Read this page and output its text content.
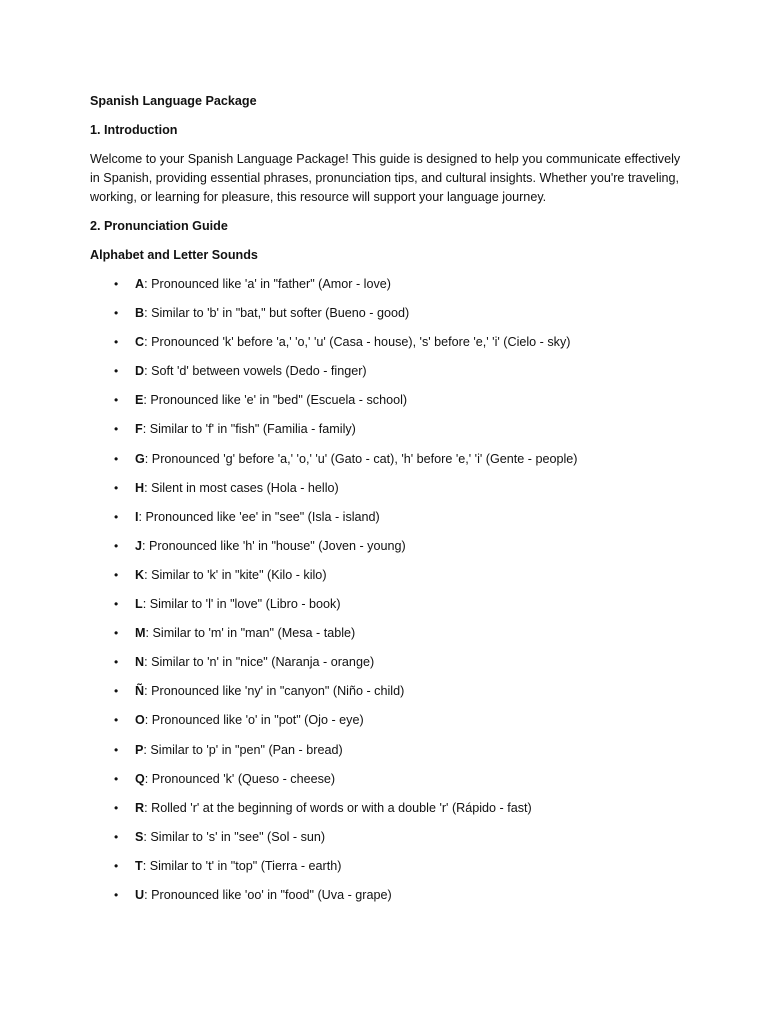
Spanish Language Package

1. Introduction

Welcome to your Spanish Language Package! This guide is designed to help you communicate effectively in Spanish, providing essential phrases, pronunciation tips, and cultural insights. Whether you're traveling, working, or learning for pleasure, this resource will support your language journey.

2. Pronunciation Guide

Alphabet and Letter Sounds

• A: Pronounced like 'a' in "father" (Amor - love)
• B: Similar to 'b' in "bat," but softer (Bueno - good)
• C: Pronounced 'k' before 'a,' 'o,' 'u' (Casa - house), 's' before 'e,' 'i' (Cielo - sky)
• D: Soft 'd' between vowels (Dedo - finger)
• E: Pronounced like 'e' in "bed" (Escuela - school)
• F: Similar to 'f' in "fish" (Familia - family)
• G: Pronounced 'g' before 'a,' 'o,' 'u' (Gato - cat), 'h' before 'e,' 'i' (Gente - people)
• H: Silent in most cases (Hola - hello)
• I: Pronounced like 'ee' in "see" (Isla - island)
• J: Pronounced like 'h' in "house" (Joven - young)
• K: Similar to 'k' in "kite" (Kilo - kilo)
• L: Similar to 'l' in "love" (Libro - book)
• M: Similar to 'm' in "man" (Mesa - table)
• N: Similar to 'n' in "nice" (Naranja - orange)
• Ñ: Pronounced like 'ny' in "canyon" (Niño - child)
• O: Pronounced like 'o' in "pot" (Ojo - eye)
• P: Similar to 'p' in "pen" (Pan - bread)
• Q: Pronounced 'k' (Queso - cheese)
• R: Rolled 'r' at the beginning of words or with a double 'r' (Rápido - fast)
• S: Similar to 's' in "see" (Sol - sun)
• T: Similar to 't' in "top" (Tierra - earth)
• U: Pronounced like 'oo' in "food" (Uva - grape)
